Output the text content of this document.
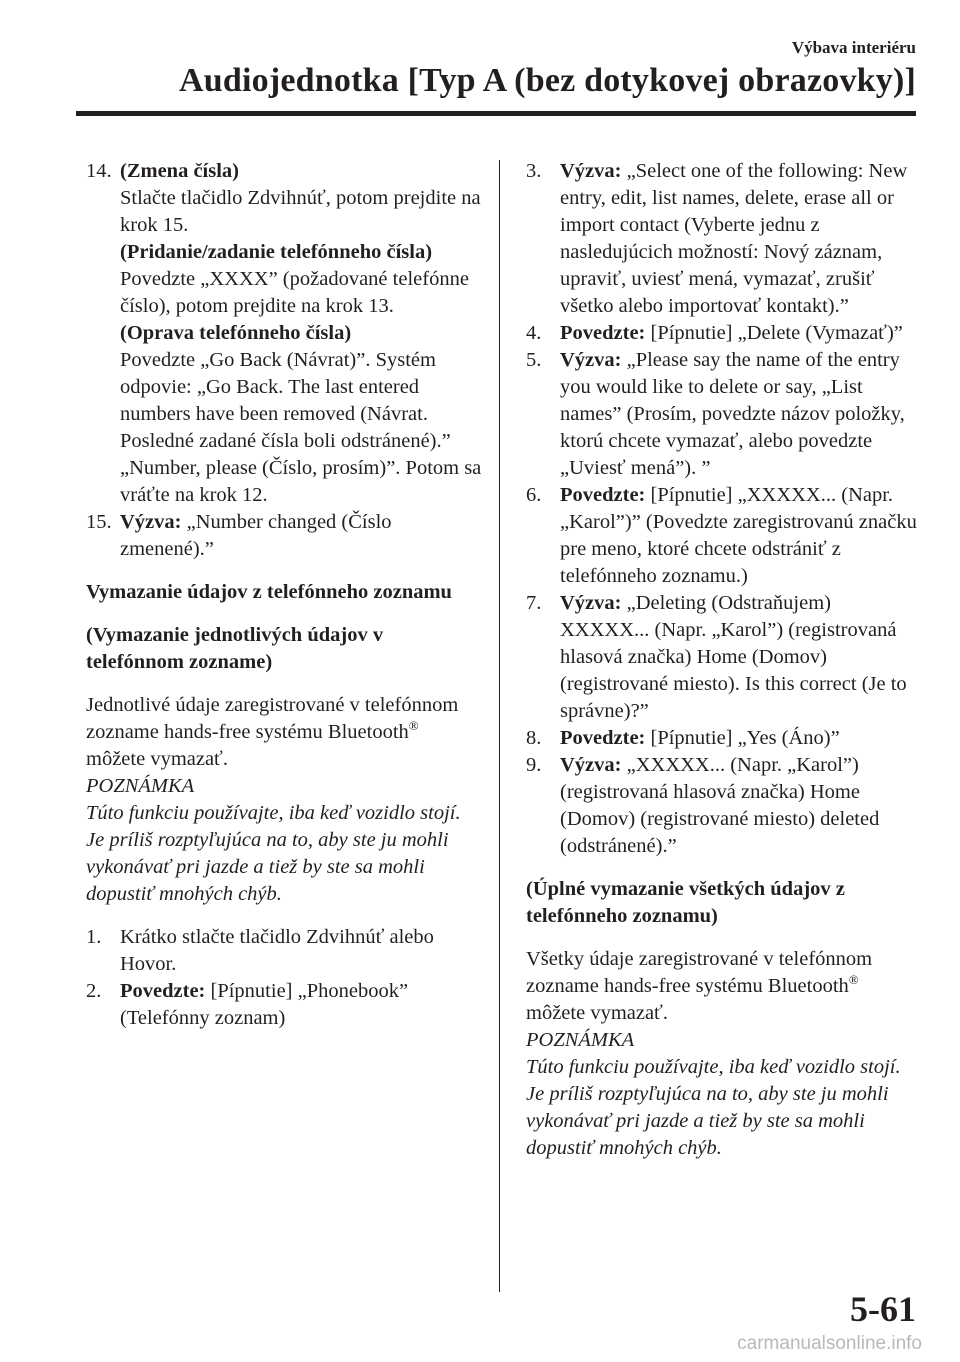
Výbava interiéru
Audiojednotka [Typ A (bez dotykovej obrazovky)]
14. (Zmena čísla)

Stlačte tlačidlo Zdvihnúť, potom prejdite na krok 15.

(Pridanie/zadanie telefónneho čísla)

Povedzte „XXXX” (požadované telefónne číslo), potom prejdite na krok 13.

(Oprava telefónneho čísla)

Povedzte „Go Back (Návrat)”. Systém odpovie: „Go Back. The last entered numbers have been removed (Návrat. Posledné zadané čísla boli odstránené).” „Number, please (Číslo, prosím)”. Potom sa vráťte na krok 12.

15. Výzva: „Number changed (Číslo zmenené).”

Vymazanie údajov z telefónneho zoznamu

(Vymazanie jednotlivých údajov v telefónnom zozname)

Jednotlivé údaje zaregistrované v telefónnom zozname hands-free systému Bluetooth® môžete vymazať.

POZNÁMKA

Túto funkciu používajte, iba keď vozidlo stojí. Je príliš rozptyľujúca na to, aby ste ju mohli vykonávať pri jazde a tiež by ste sa mohli dopustiť mnohých chýb.

1. Krátko stlačte tlačidlo Zdvihnúť alebo Hovor.

2. Povedzte: [Pípnutie] „Phonebook” (Telefónny zoznam)

3. Výzva: „Select one of the following: New entry, edit, list names, delete, erase all or import contact (Vyberte jednu z nasledujúcich možností: Nový záznam, upraviť, uviesť mená, vymazať, zrušiť všetko alebo importovať kontakt).”

4. Povedzte: [Pípnutie] „Delete (Vymazať)”

5. Výzva: „Please say the name of the entry you would like to delete or say, „List names” (Prosím, povedzte názov položky, ktorú chcete vymazať, alebo povedzte „Uviesť mená”). ”

6. Povedzte: [Pípnutie] „XXXXX... (Napr. „Karol”)” (Povedzte zaregistrovanú značku pre meno, ktoré chcete odstrániť z telefónneho zoznamu.)

7. Výzva: „Deleting (Odstraňujem) XXXXX... (Napr. „Karol”) (registrovaná hlasová značka) Home (Domov) (registrované miesto). Is this correct (Je to správne)?”

8. Povedzte: [Pípnutie] „Yes (Áno)”

9. Výzva: „XXXXX... (Napr. „Karol”) (registrovaná hlasová značka) Home (Domov) (registrované miesto) deleted (odstránené).”

(Úplné vymazanie všetkých údajov z telefónneho zoznamu)

Všetky údaje zaregistrované v telefónnom zozname hands-free systému Bluetooth®
môžete vymazať.

POZNÁMKA

Túto funkciu používajte, iba keď vozidlo stojí. Je príliš rozptyľujúca na to, aby ste ju mohli vykonávať pri jazde a tiež by ste sa mohli dopustiť mnohých chýb.

5-61
carmanualsonline.info
